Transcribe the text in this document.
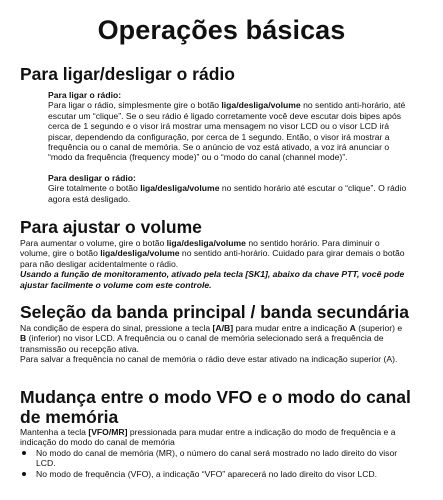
Operações básicas
Para ligar/desligar o rádio

Para ligar o rádio:

Para ligar o rádio, simplesmente gire o botão liga/desliga/volume no sentido anti-horário, até escutar um “clique”. Se o seu rádio é ligado corretamente você deve escutar dois bipes após cerca de 1 segundo e o visor irá mostrar uma mensagem no visor LCD ou o visor LCD irá piscar, dependendo da configuração, por cerca de 1 segundo. Então, o visor irá mostrar a frequência ou o canal de memória. Se o anúncio de voz está ativado, a voz irá anunciar o “modo da frequência (frequency mode)” ou o “modo do canal (channel mode)”.

Para desligar o rádio:

Gire totalmente o botão liga/desliga/volume no sentido horário até escutar o “clique”. O rádio agora está desligado.

Para ajustar o volume

Para aumentar o volume, gire o botão liga/desliga/volume no sentido horário. Para diminuir o volume, gire o botão liga/desliga/volume no sentido anti-horário. Cuidado para girar demais o botão para não desligar acidentalmente o rádio.

Usando a função de monitoramento, ativado pela tecla [SK1], abaixo da chave PTT, você pode ajustar facilmente o volume com este controle.

Seleção da banda principal / banda secundária

Na condição de espera do sinal, pressione a tecla [A/B] para mudar entre a indicação A (superior) e B (inferior) no visor LCD. A frequência ou o canal de memória selecionado será a frequência de transmissão ou recepção ativa.

Para salvar a frequência no canal de memória o rádio deve estar ativado na indicação superior (A).

Mudança entre o modo VFO e o modo do canal de memória

Mantenha a tecla [VFO/MR] pressionada para mudar entre a indicação do modo de frequência e a indicação do modo do canal de memória

No modo do canal de memória (MR), o número do canal será mostrado no lado direito do visor LCD.
No modo de frequência (VFO), a indicação “VFO” aparecerá no lado direito do visor LCD.
